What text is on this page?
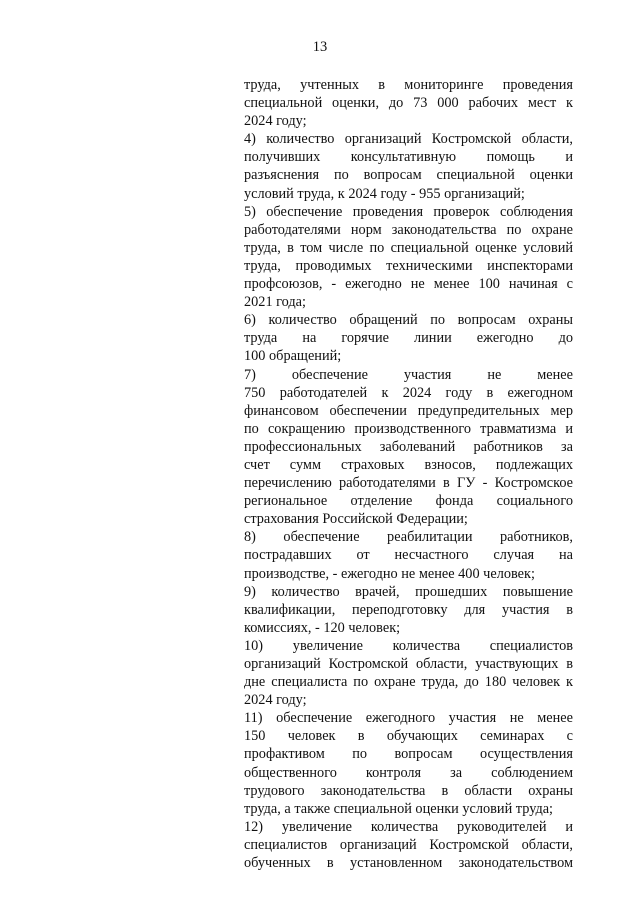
13
труда, учтенных в мониторинге проведения
специальной оценки, до 73 000 рабочих мест к
2024 году;
4) количество организаций Костромской области,
получивших консультативную помощь и
разъяснения по вопросам специальной оценки
условий труда, к 2024 году - 955 организаций;
5) обеспечение проведения проверок соблюдения
работодателями норм законодательства по охране
труда, в том числе по специальной оценке условий
труда, проводимых техническими инспекторами
профсоюзов, - ежегодно не менее 100 начиная с
2021 года;
6) количество обращений по вопросам охраны
труда на горячие линии ежегодно до
100 обращений;
7) обеспечение участия не менее
750 работодателей к 2024 году в ежегодном
финансовом обеспечении предупредительных мер
по сокращению производственного травматизма и
профессиональных заболеваний работников за
счет сумм страховых взносов, подлежащих
перечислению работодателями в ГУ - Костромское
региональное отделение фонда социального
страхования Российской Федерации;
8) обеспечение реабилитации работников,
пострадавших от несчастного случая на
производстве, - ежегодно не менее 400 человек;
9) количество врачей, прошедших повышение
квалификации, переподготовку для участия в
комиссиях, - 120 человек;
10) увеличение количества специалистов
организаций Костромской области, участвующих в
дне специалиста по охране труда, до 180 человек к
2024 году;
11) обеспечение ежегодного участия не менее
150 человек в обучающих семинарах с
профактивом по вопросам осуществления
общественного контроля за соблюдением
трудового законодательства в области охраны
труда, а также специальной оценки условий труда;
12) увеличение количества руководителей и
специалистов организаций Костромской области,
обученных в установленном законодательством
